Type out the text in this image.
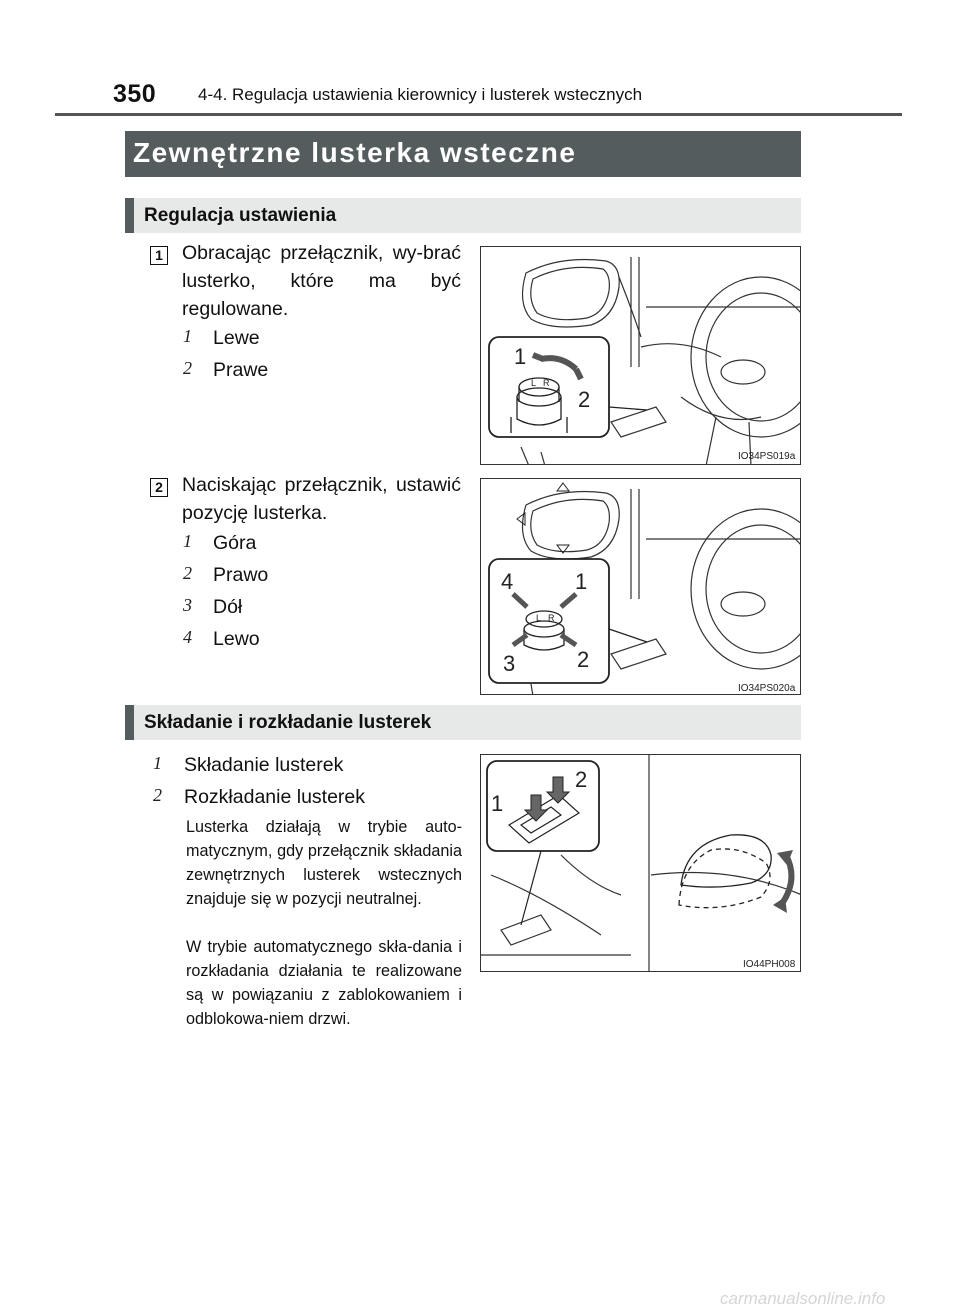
350 4-4. Regulacja ustawienia kierownicy i lusterek wstecznych
Zewnętrzne lusterka wsteczne
Regulacja ustawienia
1 Obracając przełącznik, wy-brać lusterko, które ma być regulowane.
1 Lewe
2 Prawe
L R
1
2
IO34PS019a
2 Naciskając przełącznik, ustawić pozycję lusterka.
1 Góra
2 Prawo
3 Dół
4 Lewo
L R
4	1
2
3
IO34PS020a
Składanie i rozkładanie lusterek
1 Składanie lusterek
2 Rozkładanie lusterek
Lusterka działają w trybie auto-matycznym, gdy przełącznik składania zewnętrznych lusterek wstecznych znajduje się w pozycji neutralnej.
W trybie automatycznego skła-dania i rozkładania działania te realizowane są w powiązaniu z zablokowaniem i odblokowa-niem drzwi.
1
2
IO44PH008
carmanualsonline.info
